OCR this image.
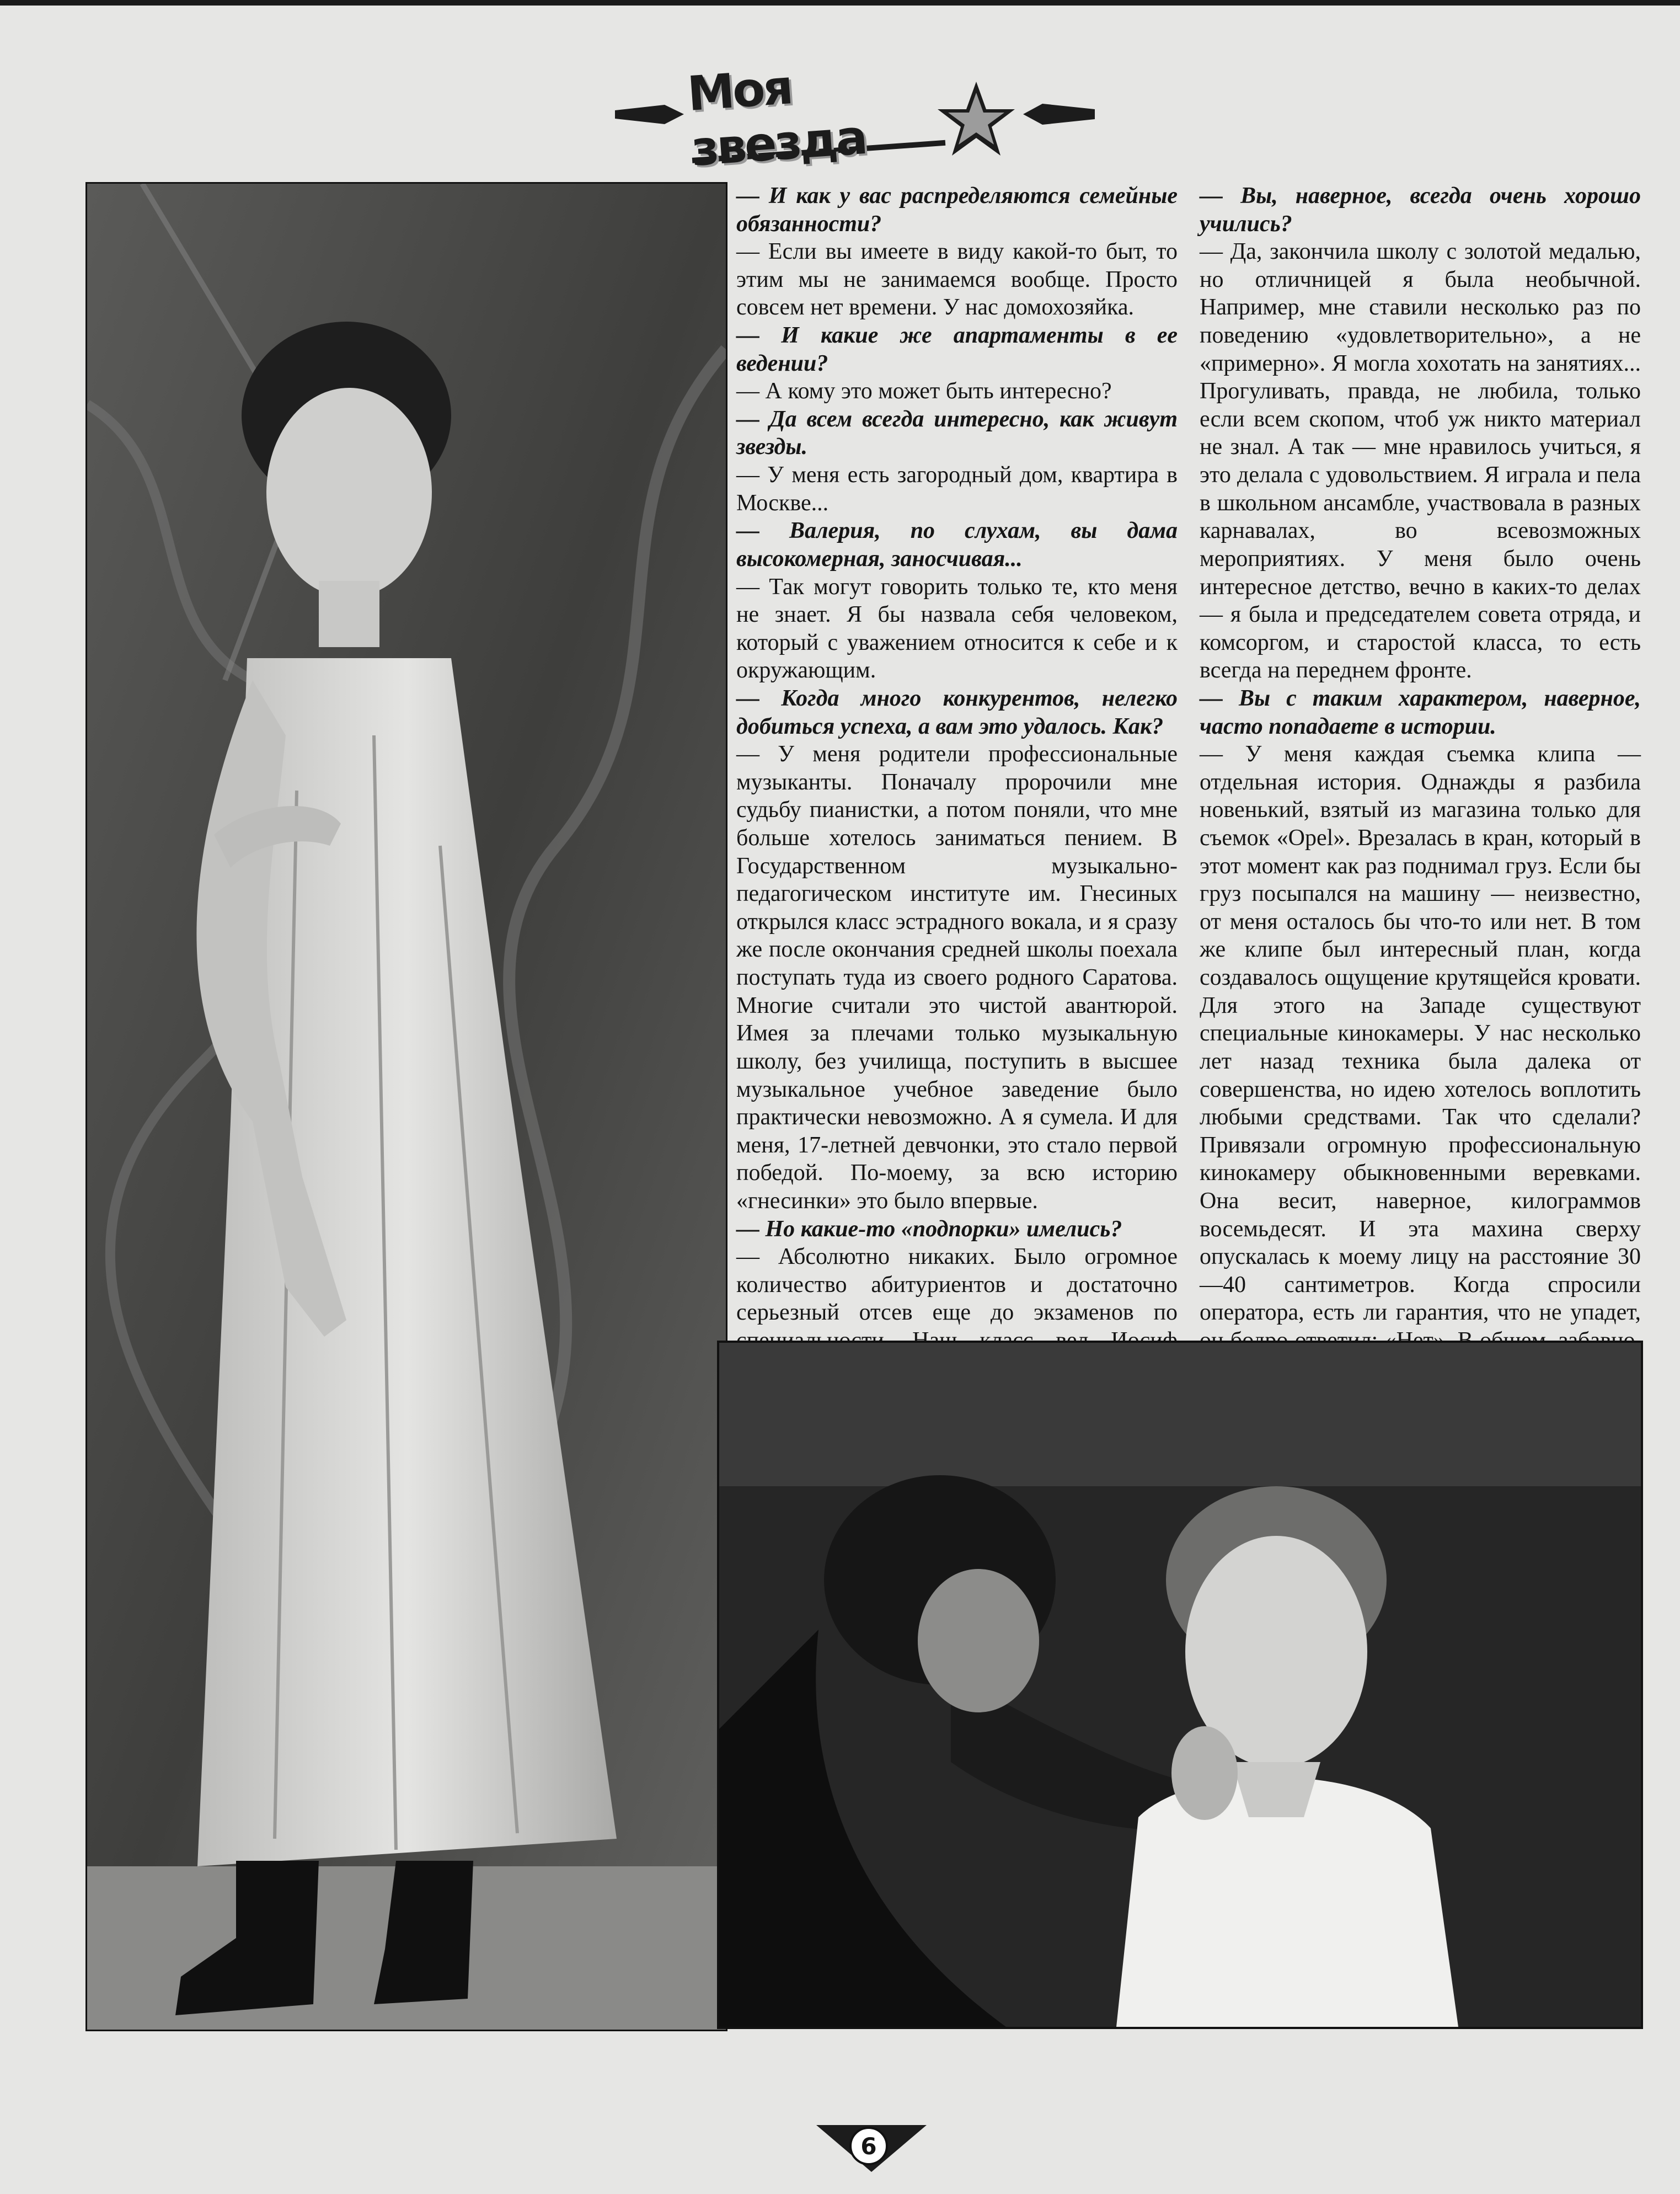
Моя звезда

— И как у вас распределяются семейные обязанности?

— Если вы имеете в виду какой-то быт, то этим мы не занимаемся вообще. Просто совсем нет времени. У нас домохозяйка.

— И какие же апартаменты в ее ведении?

— А кому это может быть интересно?

— Да всем всегда интересно, как живут звезды.

— У меня есть загородный дом, квартира в Москве...

— Валерия, по слухам, вы дама высокомерная, заносчивая...

— Так могут говорить только те, кто меня не знает. Я бы назвала себя человеком, который с уважением относится к себе и к окружающим.

— Когда много конкурентов, нелегко добиться успеха, а вам это удалось. Как?

— У меня родители профессиональные музыканты. Поначалу пророчили мне судьбу пианистки, а потом поняли, что мне больше хотелось заниматься пением. В Государственном музыкально-педагогическом институте им. Гнесиных открылся класс эстрадного вокала, и я сразу же после окончания средней школы поехала поступать туда из своего родного Саратова. Многие считали это чистой авантюрой. Имея за плечами только музыкальную школу, без училища, поступить в высшее музыкальное учебное заведение было практически невозможно. А я сумела. И для меня, 17-летней девчонки, это стало первой победой. По-моему, за всю историю «гнесинки» это было впервые.

— Но какие-то «подпорки» имелись?

— Абсолютно никаких. Было огромное количество абитуриентов и достаточно серьезный отсев еще до экзаменов по

— Вы, наверное, всегда очень хорошо учились?

— Да, закончила школу с золотой медалью, но отличницей я была необычной. Например, мне ставили несколько раз по поведению «удовлетворительно», а не «примерно». Я могла хохотать на занятиях... Прогуливать, правда, не любила, только если всем скопом, чтоб уж никто материал не знал. А так — мне нравилось учиться, я это делала с удовольствием. Я играла и пела в школьном ансамбле, участвовала в разных карнавалах, во всевозможных мероприятиях. У меня было очень интересное детство, вечно в каких-то делах — я была и председателем совета отряда, и комсоргом, и старостой класса, то есть всегда на переднем фронте.

— Вы с таким характером, наверное, часто попадаете в истории.

— У меня каждая съемка клипа — отдельная история. Однажды я разбила новенький, взятый из магазина только для съемок «Opel». Врезалась в кран, который в этот момент как раз поднимал груз. Если бы груз посыпался на машину — неизвестно, от меня осталось бы что-то или нет. В том же клипе был интересный план, когда создавалось ощущение крутящейся кровати. Для этого на Западе существуют специальные кинокамеры. У нас несколько лет назад техника была далека от совершенства, но идею хотелось воплотить любыми средствами. Так что сделали? Привязали огромную профессиональную кинокамеру обыкновенными веревками. Она весит, наверное, килограммов восемьдесят. И эта махина сверху опускалась к моему лицу на расстояние 30—40 сантиметров. Когда спросили оператора, есть ли гарантия, что не упадет,

6
